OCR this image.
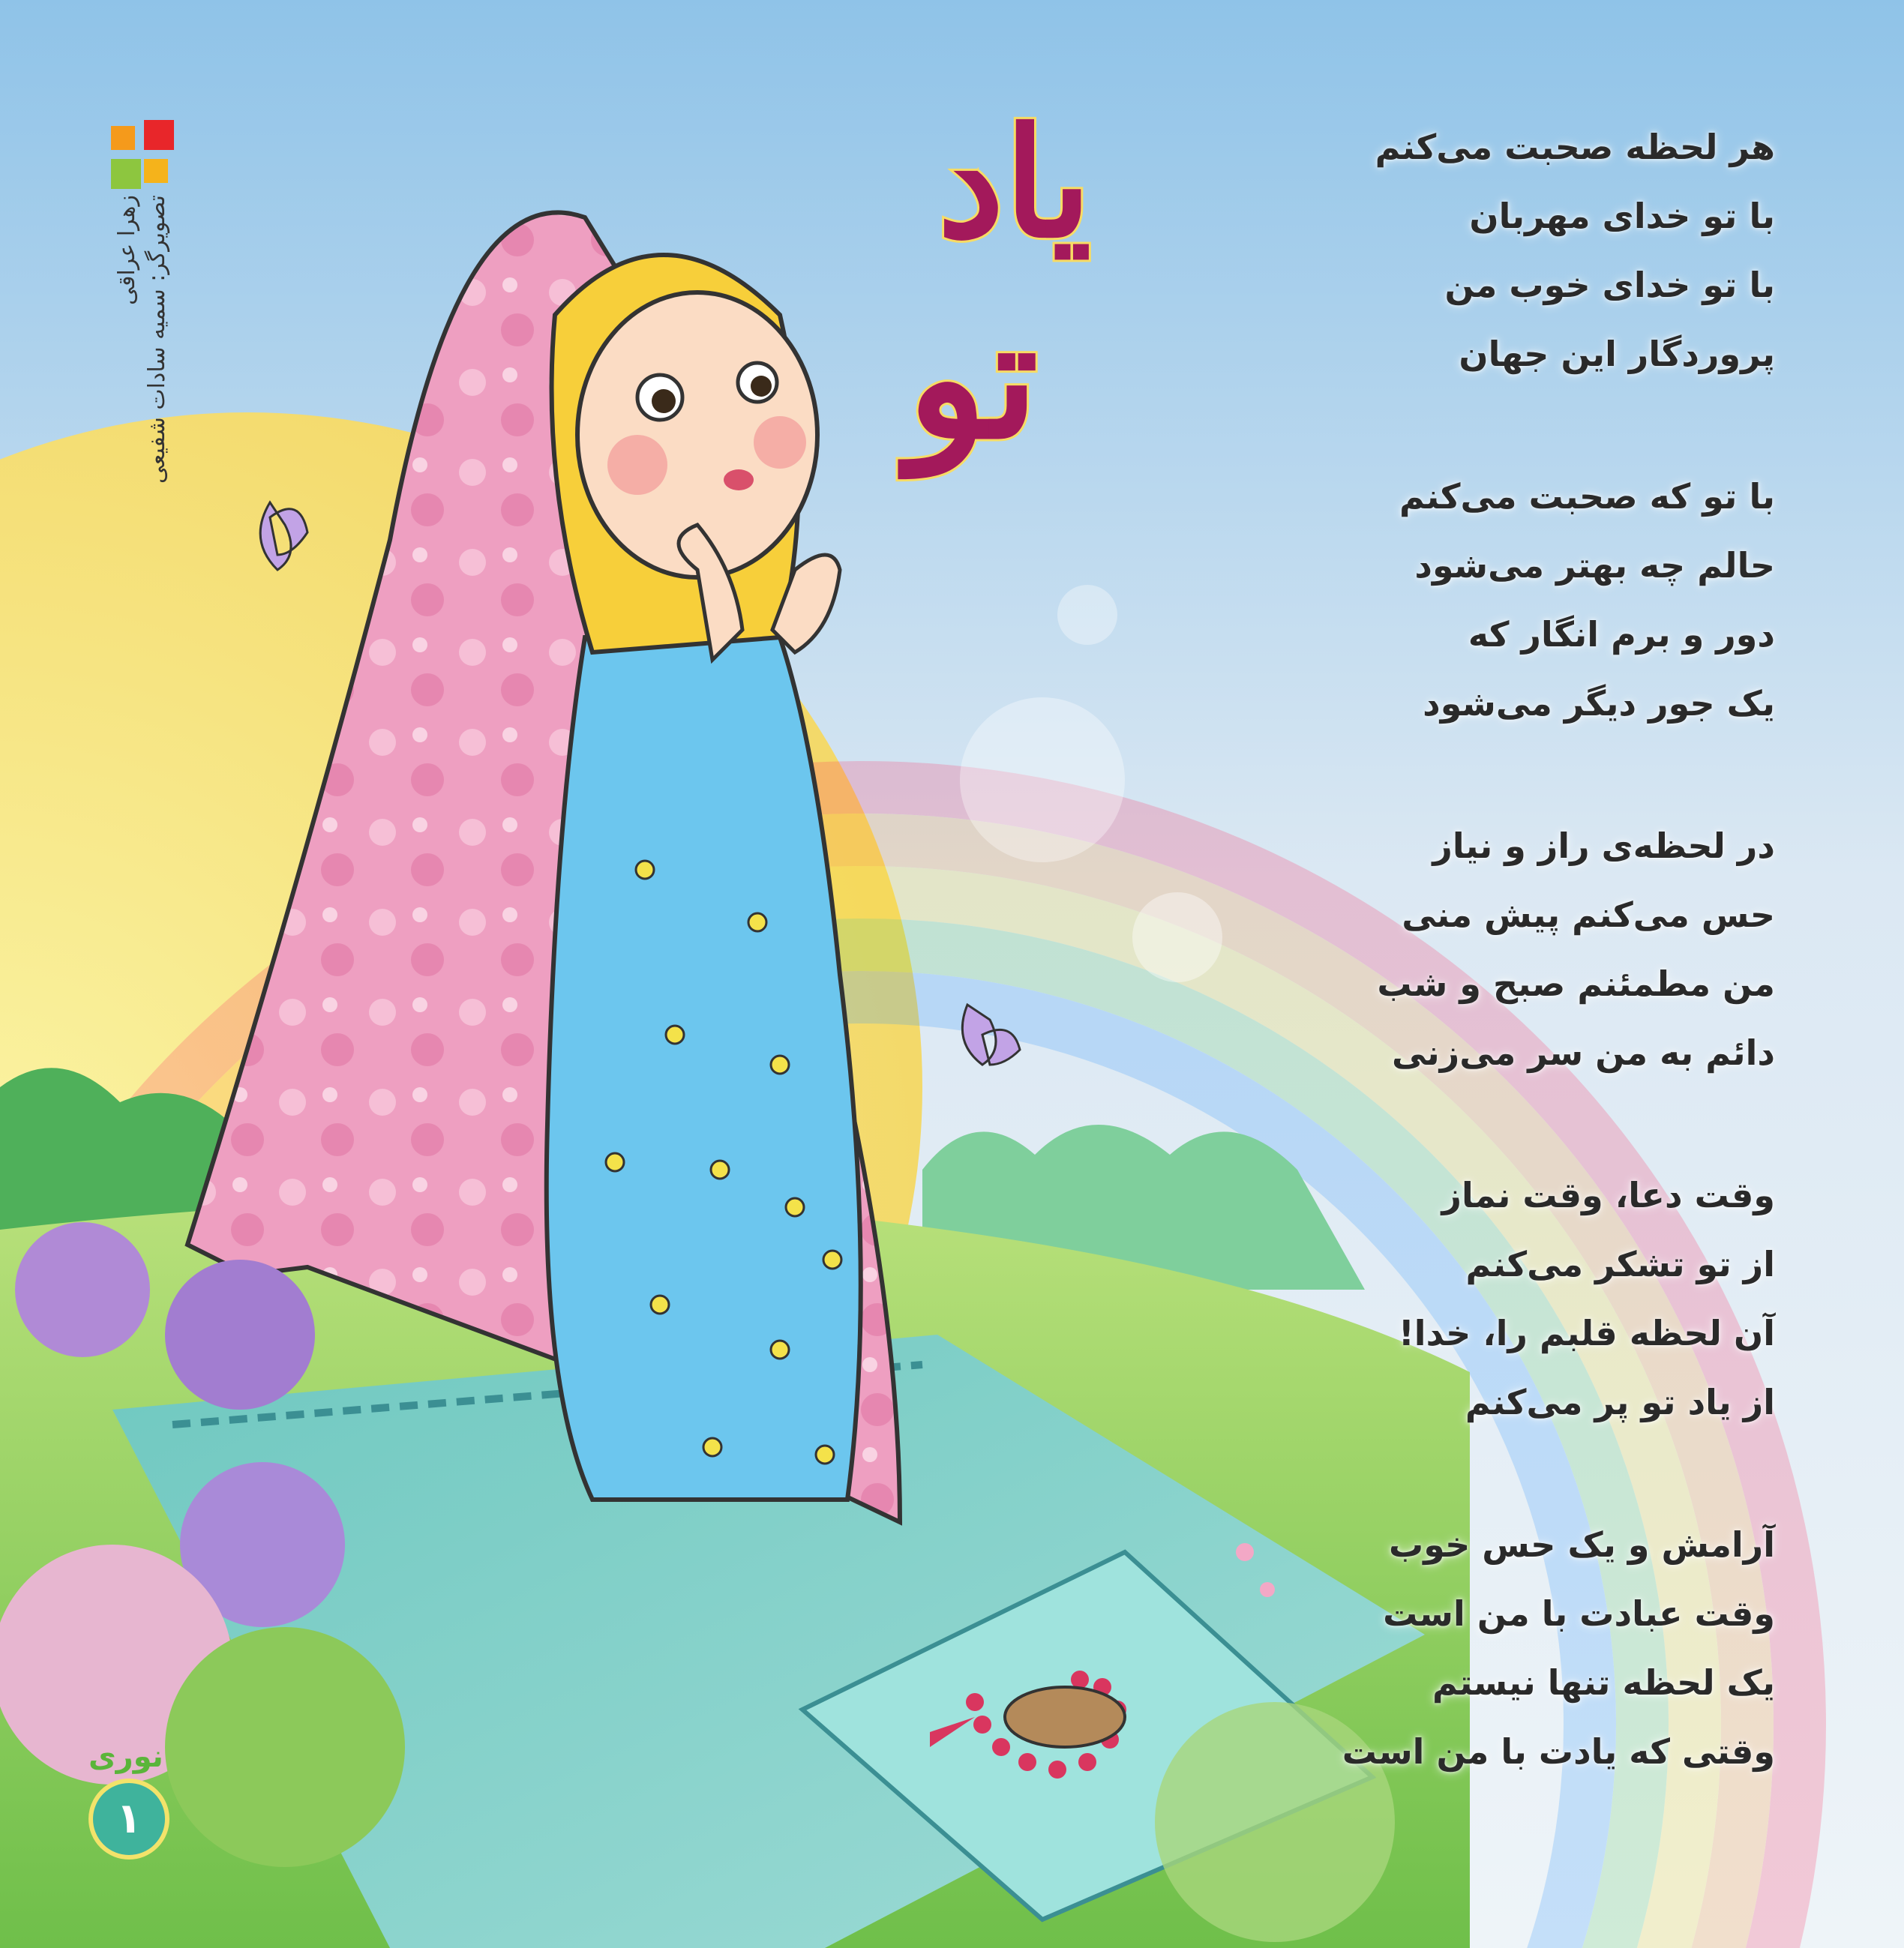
یاد
تو
زهرا عراقی تصویرگر: سمیه سادات شفیعی
هر لحظه صحبت می‌کنم
با تو خدای مهربان
با تو خدای خوب من
پروردگار این جهان
با تو که صحبت می‌کنم
حالم چه بهتر می‌شود
دور و برم انگار که
یک جور دیگر می‌شود
در لحظه‌ی راز و نیاز
حس می‌کنم پیش منی
من مطمئنم صبح و شب
دائم به من سر می‌زنی
وقت دعا، وقت نماز
از تو تشکر می‌کنم
آن لحظه قلبم را، خدا!
از یاد تو پر می‌کنم
آرامش و یک حس خوب
وقت عبادت با من است
یک لحظه تنها نیستم
وقتی که یادت با من است
نوری
۱
